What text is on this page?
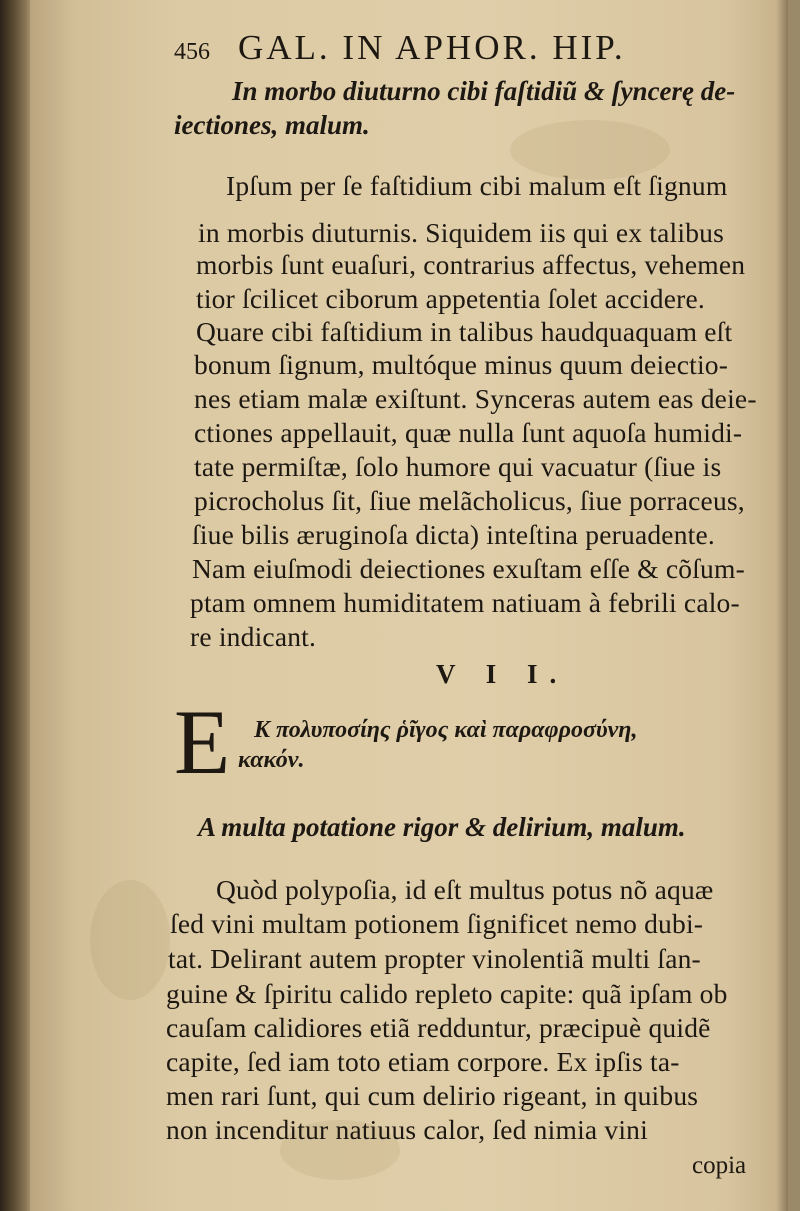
456 GAL. IN APHOR. HIP.
In morbo diuturno cibi faſtidiũ & ſyncerę de-
iectiones, malum.
Ipſum per ſe faſtidium cibi malum eſt ſignum
in morbis diuturnis. Siquidem iis qui ex talibus
morbis ſunt euaſuri, contrarius affectus, vehemen
tior ſcilicet ciborum appetentia ſolet accidere.
Quare cibi faſtidium in talibus haudquaquam eſt
bonum ſignum, multóque minus quum deiectio-
nes etiam malæ exiſtunt. Synceras autem eas deie-
ctiones appellauit, quæ nulla ſunt aquoſa humidi-
tate permiſtæ, ſolo humore qui vacuatur (ſiue is
picrocholus ſit, ſiue melãcholicus, ſiue porraceus,
ſiue bilis æruginoſa dicta) inteſtina peruadente.
Nam eiuſmodi deiectiones exuſtam eſſe & cõſum-
ptam omnem humiditatem natiuam à febrili calo-
re indicant.
V I I.
E K πολυποσίης ῥῖγος καὶ παραφροσύνη,
κακόν.
A multa potatione rigor & delirium, malum.
Quòd polypoſia, id eſt multus potus nõ aquæ
ſed vini multam potionem ſignificet nemo dubi-
tat. Delirant autem propter vinolentiã multi ſan-
guine & ſpiritu calido repleto capite: quã ipſam ob
cauſam calidiores etiã redduntur, præcipuè quidẽ
capite, ſed iam toto etiam corpore. Ex ipſis ta-
men rari ſunt, qui cum delirio rigeant, in quibus
non incenditur natiuus calor, ſed nimia vini
copia
